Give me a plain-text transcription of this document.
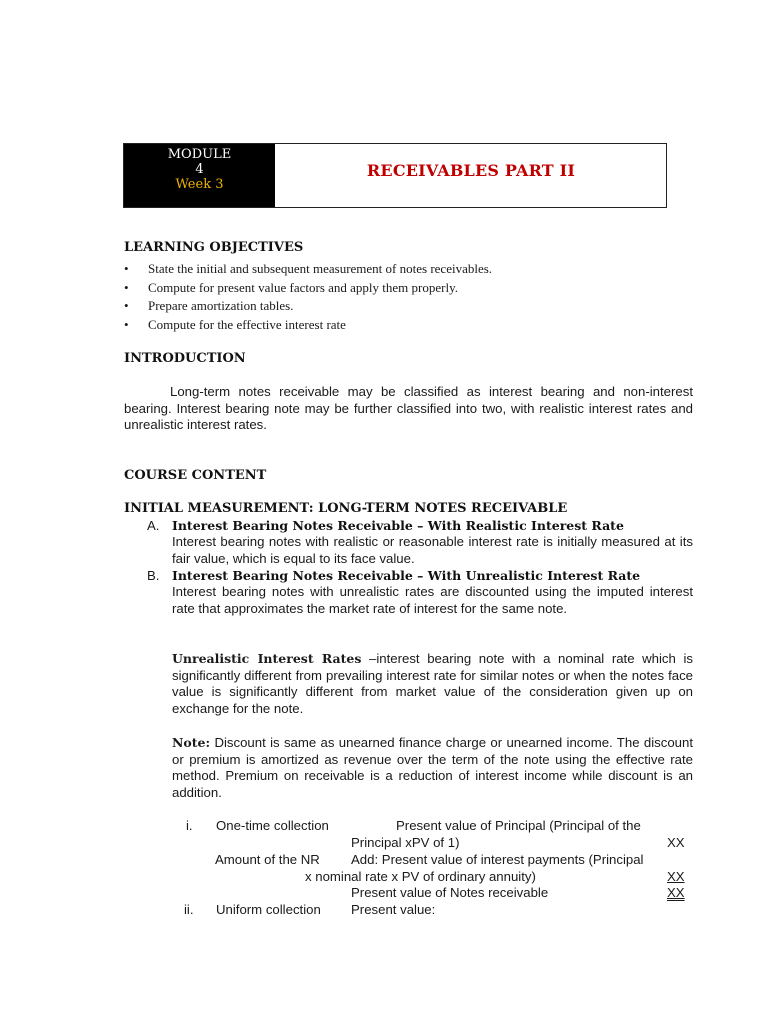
MODULE
4
Week 3
RECEIVABLES PART II
LEARNING OBJECTIVES
• State the initial and subsequent measurement of notes receivables.
• Compute for present value factors and apply them properly.
• Prepare amortization tables.
• Compute for the effective interest rate
INTRODUCTION
Long-term notes receivable may be classified as interest bearing and non-interest bearing. Interest bearing note may be further classified into two, with realistic interest rates and unrealistic interest rates.
COURSE CONTENT
INITIAL MEASUREMENT: LONG-TERM NOTES RECEIVABLE
A. Interest Bearing Notes Receivable – With Realistic Interest Rate
Interest bearing notes with realistic or reasonable interest rate is initially measured at its fair value, which is equal to its face value.
B. Interest Bearing Notes Receivable – With Unrealistic Interest Rate
Interest bearing notes with unrealistic rates are discounted using the imputed interest rate that approximates the market rate of interest for the same note.
Unrealistic Interest Rates –interest bearing note with a nominal rate which is significantly different from prevailing interest rate for similar notes or when the notes face value is significantly different from market value of the consideration given up on exchange for the note.
Note: Discount is same as unearned finance charge or unearned income. The discount or premium is amortized as revenue over the term of the note using the effective rate method. Premium on receivable is a reduction of interest income while discount is an addition.
i. One-time collection	Present value of Principal (Principal of the
Principal xPV of 1)	XX
Amount of the NR Add: Present value of interest payments (Principal
x nominal rate x PV of ordinary annuity)	XX
Present value of Notes receivable	XX
ii. Uniform collection Present value:
